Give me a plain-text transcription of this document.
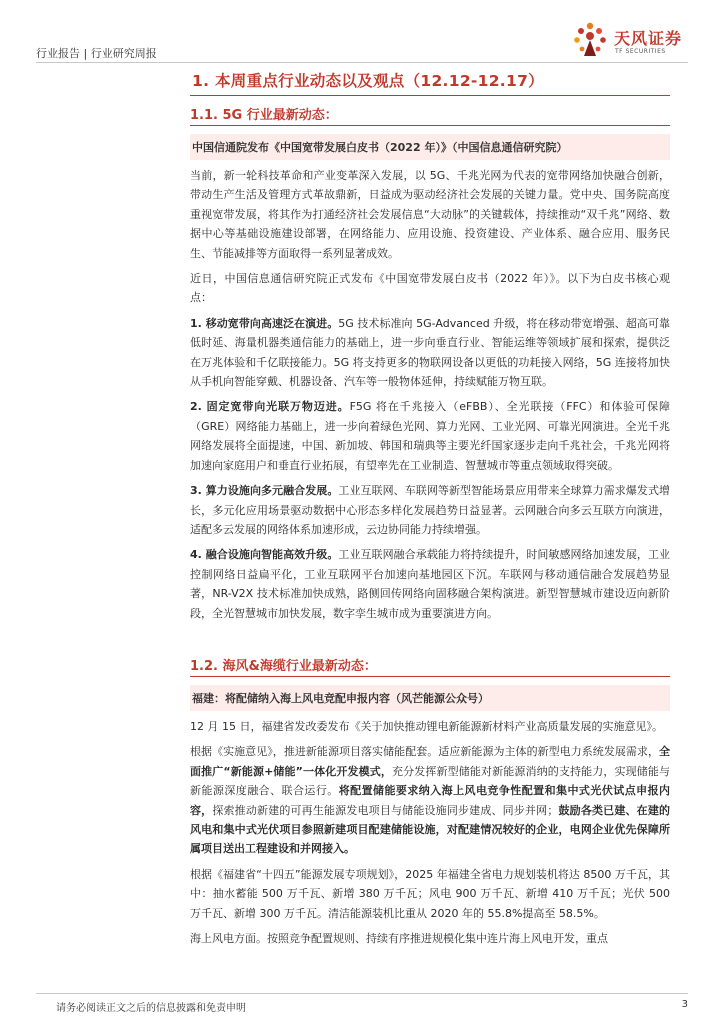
行业报告 | 行业研究周报
天风证券
TF SECURITIES
1. 本周重点行业动态以及观点（12.12-12.17）
1.1. 5G 行业最新动态：
中国信通院发布《中国宽带发展白皮书（2022 年）》（中国信息通信研究院）
当前，新一轮科技革命和产业变革深入发展，以 5G、千兆光网为代表的宽带网络加快融合创新，带动生产生活及管理方式革故鼎新，日益成为驱动经济社会发展的关键力量。党中央、国务院高度重视宽带发展，将其作为打通经济社会发展信息“大动脉”的关键载体，持续推动“双千兆”网络、数据中心等基础设施建设部署，在网络能力、应用设施、投资建设、产业体系、融合应用、服务民生、节能减排等方面取得一系列显著成效。
近日，中国信息通信研究院正式发布《中国宽带发展白皮书（2022 年）》。以下为白皮书核心观点：
1. 移动宽带向高速泛在演进。5G 技术标准向 5G-Advanced 升级，将在移动带宽增强、超高可靠低时延、海量机器类通信能力的基础上，进一步向垂直行业、智能运维等领域扩展和探索，提供泛在万兆体验和千亿联接能力。5G 将支持更多的物联网设备以更低的功耗接入网络，5G 连接将加快从手机向智能穿戴、机器设备、汽车等一般物体延伸，持续赋能万物互联。
2. 固定宽带向光联万物迈进。F5G 将在千兆接入（eFBB）、全光联接（FFC）和体验可保障（GRE）网络能力基础上，进一步向着绿色光网、算力光网、工业光网、可靠光网演进。全光千兆网络发展将全面提速，中国、新加坡、韩国和瑞典等主要光纤国家逐步走向千兆社会，千兆光网将加速向家庭用户和垂直行业拓展，有望率先在工业制造、智慧城市等重点领域取得突破。
3. 算力设施向多元融合发展。工业互联网、车联网等新型智能场景应用带来全球算力需求爆发式增长，多元化应用场景驱动数据中心形态多样化发展趋势日益显著。云网融合向多云互联方向演进，适配多云发展的网络体系加速形成，云边协同能力持续增强。
4. 融合设施向智能高效升级。工业互联网融合承载能力将持续提升，时间敏感网络加速发展，工业控制网络日益扁平化，工业互联网平台加速向基地园区下沉。车联网与移动通信融合发展趋势显著，NR-V2X 技术标准加快成熟，路侧回传网络向固移融合架构演进。新型智慧城市建设迈向新阶段，全光智慧城市加快发展，数字孪生城市成为重要演进方向。
1.2. 海风&海缆行业最新动态：
福建：将配储纳入海上风电竞配申报内容（风芒能源公众号）
12 月 15 日，福建省发改委发布《关于加快推动锂电新能源新材料产业高质量发展的实施意见》。
根据《实施意见》，推进新能源项目落实储能配套。适应新能源为主体的新型电力系统发展需求，全面推广“新能源+储能”一体化开发模式，充分发挥新型储能对新能源消纳的支持能力，实现储能与新能源深度融合、联合运行。将配置储能要求纳入海上风电竞争性配置和集中式光伏试点申报内容，探索推动新建的可再生能源发电项目与储能设施同步建成、同步并网；鼓励各类已建、在建的风电和集中式光伏项目参照新建项目配建储能设施，对配建情况较好的企业，电网企业优先保障所属项目送出工程建设和并网接入。
根据《福建省“十四五”能源发展专项规划》，2025 年福建全省电力规划装机将达 8500 万千瓦，其中：抽水蓄能 500 万千瓦、新增 380 万千瓦；风电 900 万千瓦、新增 410 万千瓦；光伏 500 万千瓦、新增 300 万千瓦。清洁能源装机比重从 2020 年的 55.8%提高至 58.5%。
海上风电方面。按照竞争配置规则、持续有序推进规模化集中连片海上风电开发，重点
请务必阅读正文之后的信息披露和免责申明	3
